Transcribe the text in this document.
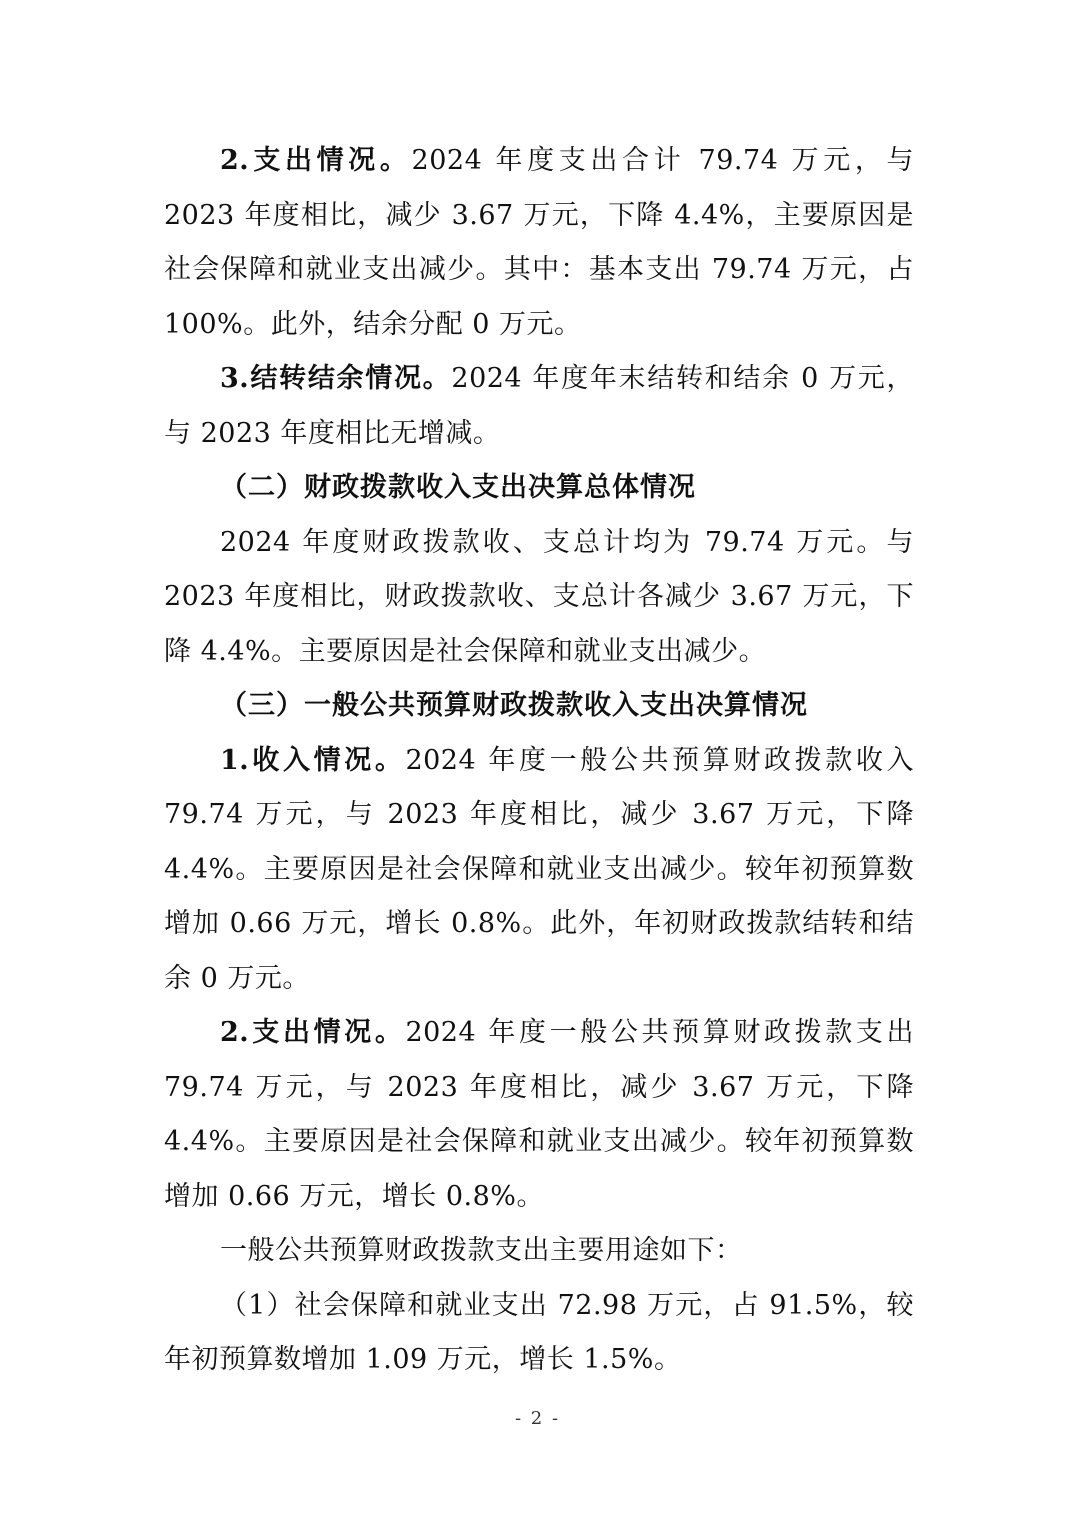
2.支出情况。2024 年度支出合计 79.74 万元，与 2023 年度相比，减少 3.67 万元，下降 4.4%，主要原因是社会保障和就业支出减少。其中：基本支出 79.74 万元，占 100%。此外，结余分配 0 万元。

3.结转结余情况。2024 年度年末结转和结余 0 万元，与 2023 年度相比无增减。

（二）财政拨款收入支出决算总体情况

2024 年度财政拨款收、支总计均为 79.74 万元。与 2023 年度相比，财政拨款收、支总计各减少 3.67 万元，下降 4.4%。主要原因是社会保障和就业支出减少。

（三）一般公共预算财政拨款收入支出决算情况

1.收入情况。2024 年度一般公共预算财政拨款收入 79.74 万元，与 2023 年度相比，减少 3.67 万元，下降 4.4%。主要原因是社会保障和就业支出减少。较年初预算数增加 0.66 万元，增长 0.8%。此外，年初财政拨款结转和结余 0 万元。

2.支出情况。2024 年度一般公共预算财政拨款支出 79.74 万元，与 2023 年度相比，减少 3.67 万元，下降 4.4%。主要原因是社会保障和就业支出减少。较年初预算数增加 0.66 万元，增长 0.8%。

一般公共预算财政拨款支出主要用途如下：

（1）社会保障和就业支出 72.98 万元，占 91.5%，较年初预算数增加 1.09 万元，增长 1.5%。

- 2 -
